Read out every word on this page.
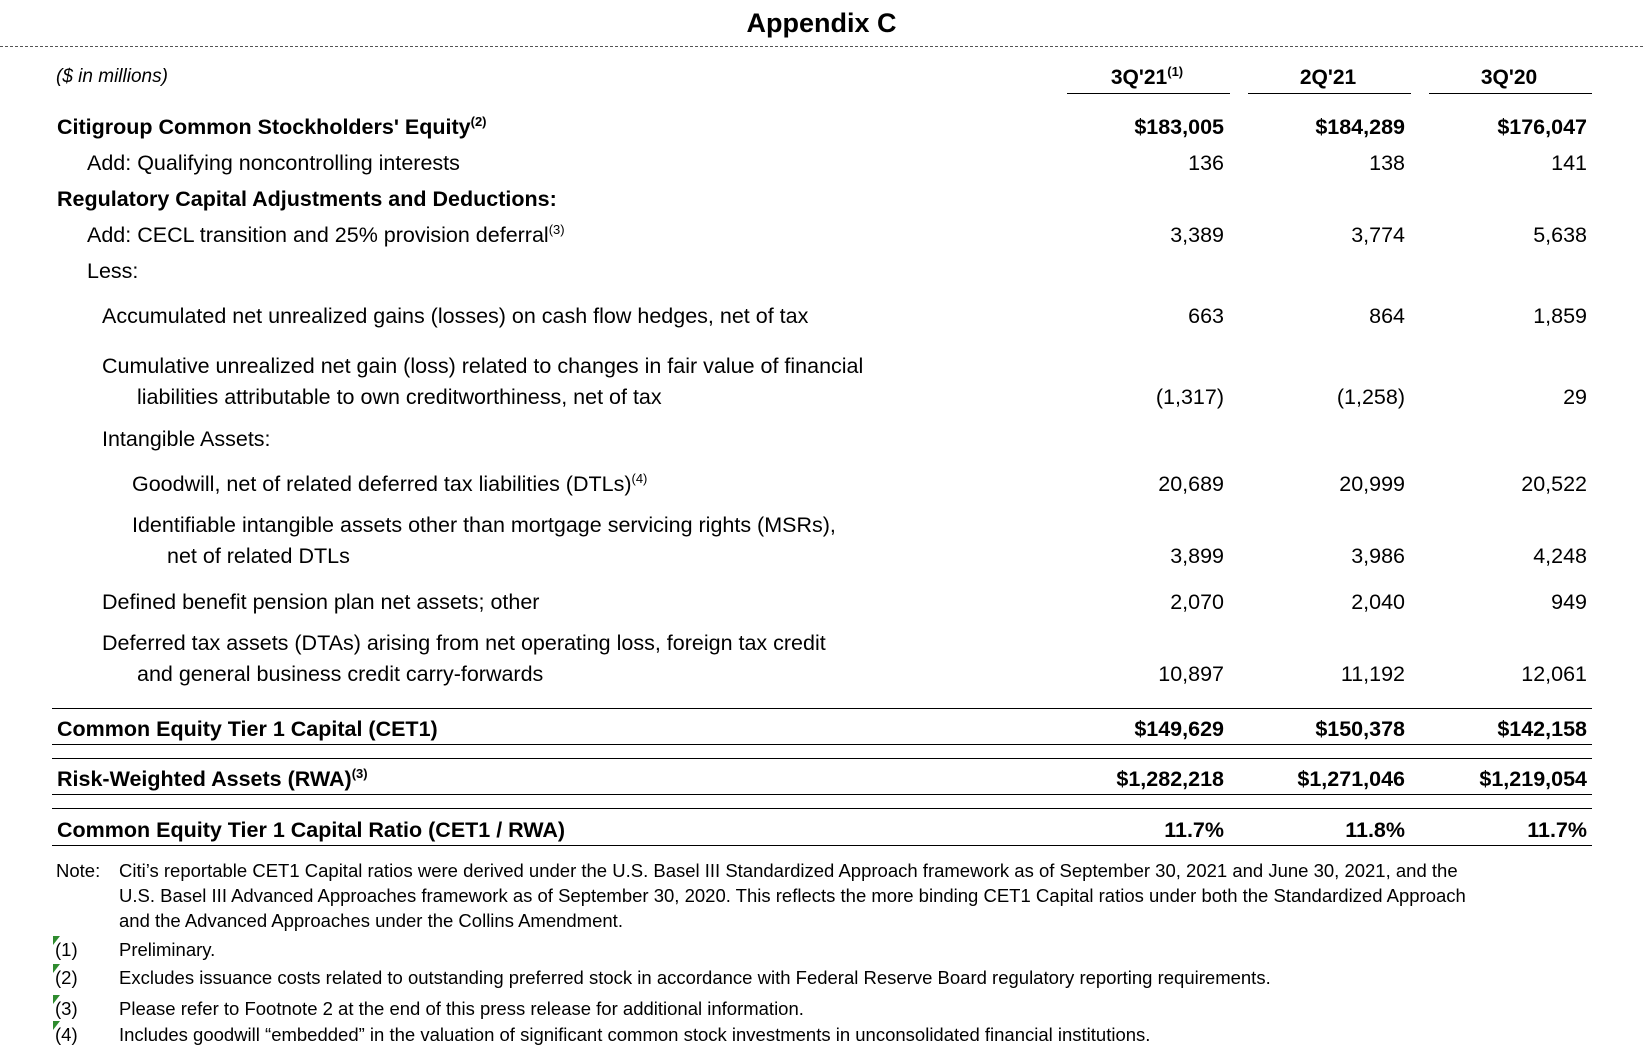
Appendix C
($ in millions)	3Q'21$^{(1)}$	2Q'21	3Q'20
Citigroup Common Stockholders' Equity$^{(2)}$	$183,005	$184,289	$176,047
Add: Qualifying noncontrolling interests	136	138	141
Regulatory Capital Adjustments and Deductions:
Add: CECL transition and 25% provision deferral$^{(3)}$	3,389	3,774	5,638
Less:
Accumulated net unrealized gains (losses) on cash flow hedges, net of tax	663	864	1,859
Cumulative unrealized net gain (loss) related to changes in fair value of financial
liabilities attributable to own creditworthiness, net of tax	(1,317)	(1,258)	29
Intangible Assets:
Goodwill, net of related deferred tax liabilities (DTLs)$^{(4)}$	20,689	20,999	20,522
Identifiable intangible assets other than mortgage servicing rights (MSRs),
net of related DTLs	3,899	3,986	4,248
Defined benefit pension plan net assets; other	2,070	2,040	949
Deferred tax assets (DTAs) arising from net operating loss, foreign tax credit
and general business credit carry-forwards	10,897	11,192	12,061
Common Equity Tier 1 Capital (CET1)	$149,629	$150,378	$142,158
Risk-Weighted Assets (RWA)$^{(3)}$	$1,282,218	$1,271,046	$1,219,054
Common Equity Tier 1 Capital Ratio (CET1 / RWA)	11.7%	11.8%	11.7%
Note: Citi’s reportable CET1 Capital ratios were derived under the U.S. Basel III Standardized Approach framework as of September 30, 2021 and June 30, 2021, and the
U.S. Basel III Advanced Approaches framework as of September 30, 2020. This reflects the more binding CET1 Capital ratios under both the Standardized Approach
and the Advanced Approaches under the Collins Amendment.
(1) Preliminary.
(2) Excludes issuance costs related to outstanding preferred stock in accordance with Federal Reserve Board regulatory reporting requirements.
(3) Please refer to Footnote 2 at the end of this press release for additional information.
(4) Includes goodwill “embedded” in the valuation of significant common stock investments in unconsolidated financial institutions.
